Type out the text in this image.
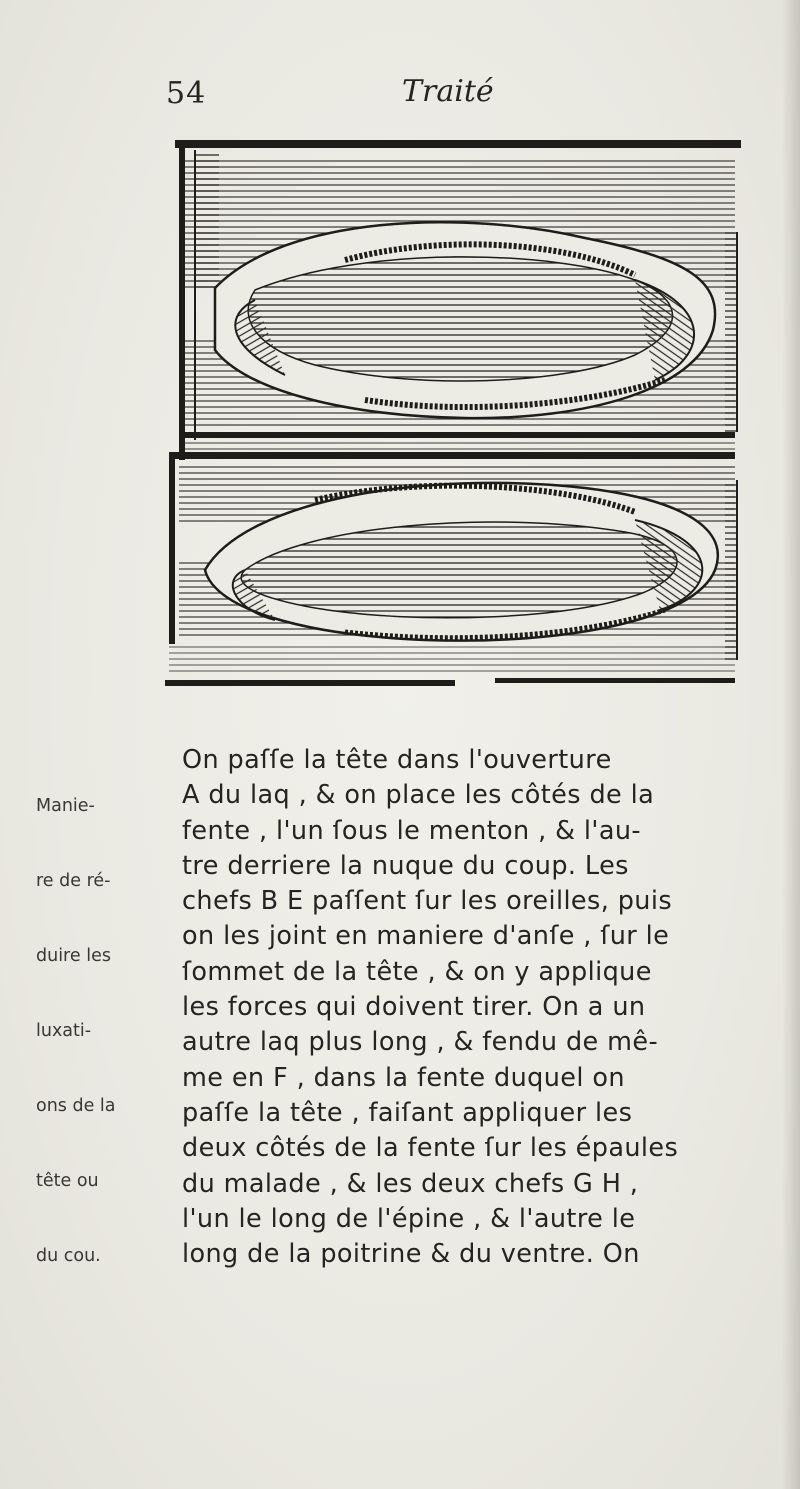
54	Traité

Manie-

re de ré-

duire les

luxati-

ons de la

tête ou

du cou.

On paſſe la tête dans l'ouverture
A du laq , & on place les côtés de la
fente , l'un ſous le menton , & l'au-
tre derriere la nuque du coup. Les
chefs B E paſſent ſur les oreilles, puis
on les joint en maniere d'anſe , ſur le
ſommet de la tête , & on y applique
les forces qui doivent tirer. On a un
autre laq plus long , & fendu de mê-
me en F , dans la fente duquel on
paſſe la tête , faiſant appliquer les
deux côtés de la fente ſur les épaules
du malade , & les deux chefs G H ,
l'un le long de l'épine , & l'autre le
long de la poitrine & du ventre. On
